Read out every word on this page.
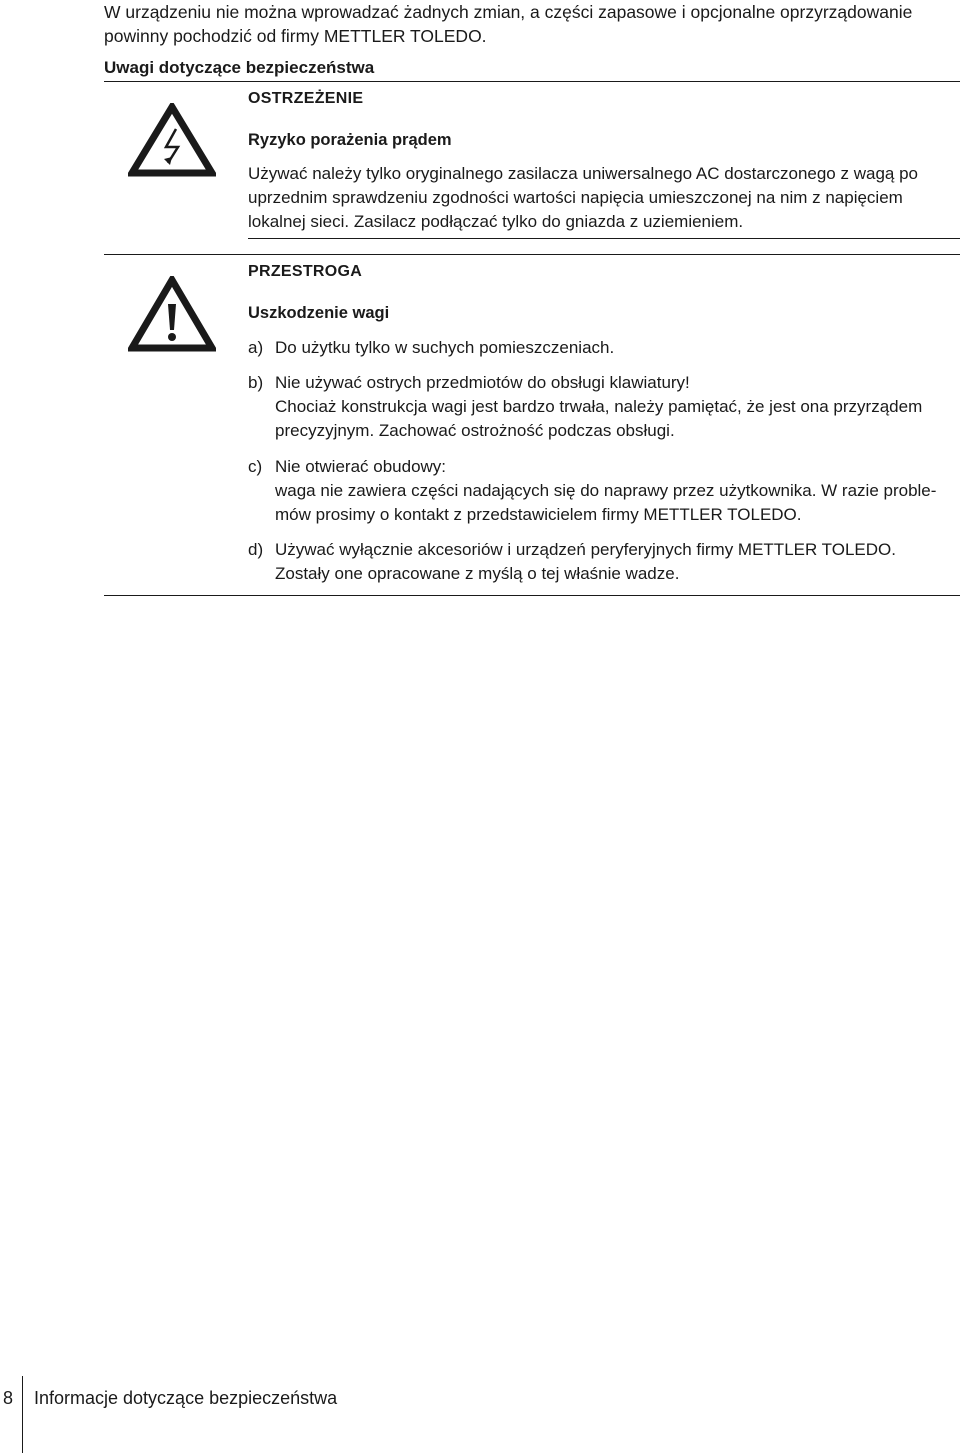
W urządzeniu nie można wprowadzać żadnych zmian, a części zapasowe i opcjonalne oprzyrządowanie
powinny pochodzić od firmy METTLER TOLEDO.
Uwagi dotyczące bezpieczeństwa
OSTRZEŻENIE
Ryzyko porażenia prądem
Używać należy tylko oryginalnego zasilacza uniwersalnego AC dostarczonego z wagą po
uprzednim sprawdzeniu zgodności wartości napięcia umieszczonej na nim z napięciem
lokalnej sieci. Zasilacz podłączać tylko do gniazda z uziemieniem.
PRZESTROGA
Uszkodzenie wagi
a) Do użytku tylko w suchych pomieszczeniach.
b) Nie używać ostrych przedmiotów do obsługi klawiatury!
Chociaż konstrukcja wagi jest bardzo trwała, należy pamiętać, że jest ona przyrządem
precyzyjnym. Zachować ostrożność podczas obsługi.
c) Nie otwierać obudowy:
waga nie zawiera części nadających się do naprawy przez użytkownika. W razie proble-
mów prosimy o kontakt z przedstawicielem firmy METTLER TOLEDO.
d) Używać wyłącznie akcesoriów i urządzeń peryferyjnych firmy METTLER TOLEDO.
Zostały one opracowane z myślą o tej właśnie wadze.
8 Informacje dotyczące bezpieczeństwa
